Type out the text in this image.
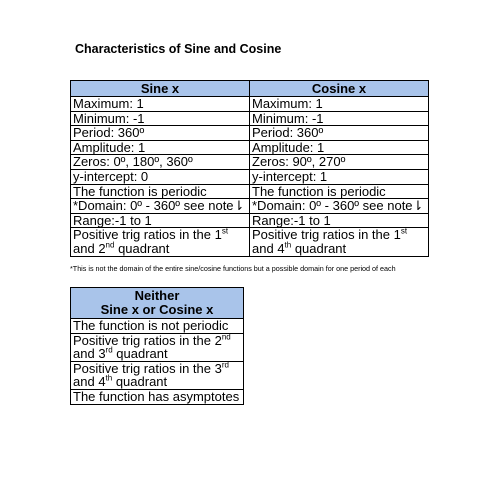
Characteristics of Sine and Cosine
Sine x	Cosine x
Maximum: 1	Maximum: 1
Minimum: -1	Minimum: -1
Period: 360º	Period: 360º
Amplitude: 1	Amplitude: 1
Zeros: 0º, 180º, 360º	Zeros: 90º, 270º
y-intercept: 0	y-intercept: 1
The function is periodic	The function is periodic
*Domain: 0º - 360º see note⇂	*Domain: 0º - 360º see note⇂
Range:-1 to 1	Range:-1 to 1
Positive trig ratios in the 1st and 2nd quadrant	Positive trig ratios in the 1st and 4th quadrant
*This is not the domain of the entire sine/cosine functions but a possible domain for one period of each
Neither
Sine x or Cosine x
The function is not periodic
Positive trig ratios in the 2nd and 3rd quadrant
Positive trig ratios in the 3rd and 4th quadrant
The function has asymptotes
